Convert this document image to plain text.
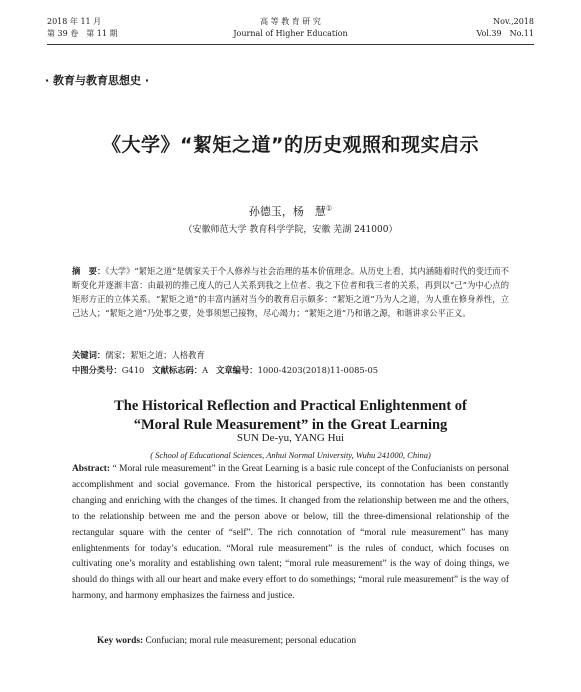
2018 年 11 月
第 39 卷　第 11 期
高 等 教 育 研 究
Journal of Higher Education
Nov.,2018
Vol.39　No.11
· 教育与教育思想史 ·
《大学》“絜矩之道”的历史观照和现实启示
孙德玉，杨　慧①
（安徽师范大学 教育科学学院，安徽 芜湖 241000）
摘　要：《大学》“絜矩之道”是儒家关于个人修养与社会治理的基本价值理念。从历史上看，其内涵随着时代的变迁而不断变化并逐渐丰富：由最初的推己度人的己人关系到我之上位者、我之下位者和我三者的关系，再到以“己”为中心点的矩形方正的立体关系。“絜矩之道”的丰富内涵对当今的教育启示颇多：“絜矩之道”乃为人之道，为人重在修身养性，立己达人；“絜矩之道”乃处事之要，处事须恕己接物，尽心竭力；“絜矩之道”乃和谐之源，和谐讲求公平正义。
关键词：儒家；絜矩之道；人格教育
中图分类号：G410 文献标志码：A 文章编号：1000-4203(2018)11-0085-05
The Historical Reflection and Practical Enlightenment of
“Moral Rule Measurement” in the Great Learning
SUN De-yu, YANG Hui
( School of Educational Sciences, Anhui Normal University, Wuhu 241000, China)
Abstract: “ Moral rule measurement” in the Great Learning is a basic rule concept of the Confucianists on personal accomplishment and social governance. From the historical perspective, its connotation has been constantly changing and enriching with the changes of the times. It changed from the relationship between me and the others, to the relationship between me and the person above or below, till the three-dimensional relationship of the rectangular square with the center of “self”. The rich connotation of “moral rule measurement” has many enlightenments for today’s education. “Moral rule measurement” is the rules of conduct, which focuses on cultivating one’s morality and establishing own talent; “moral rule measurement” is the way of doing things, we should do things with all our heart and make every effort to do somethings; “moral rule measurement” is the way of harmony, and harmony emphasizes the fairness and justice.
Key words: Confucian; moral rule measurement; personal education
